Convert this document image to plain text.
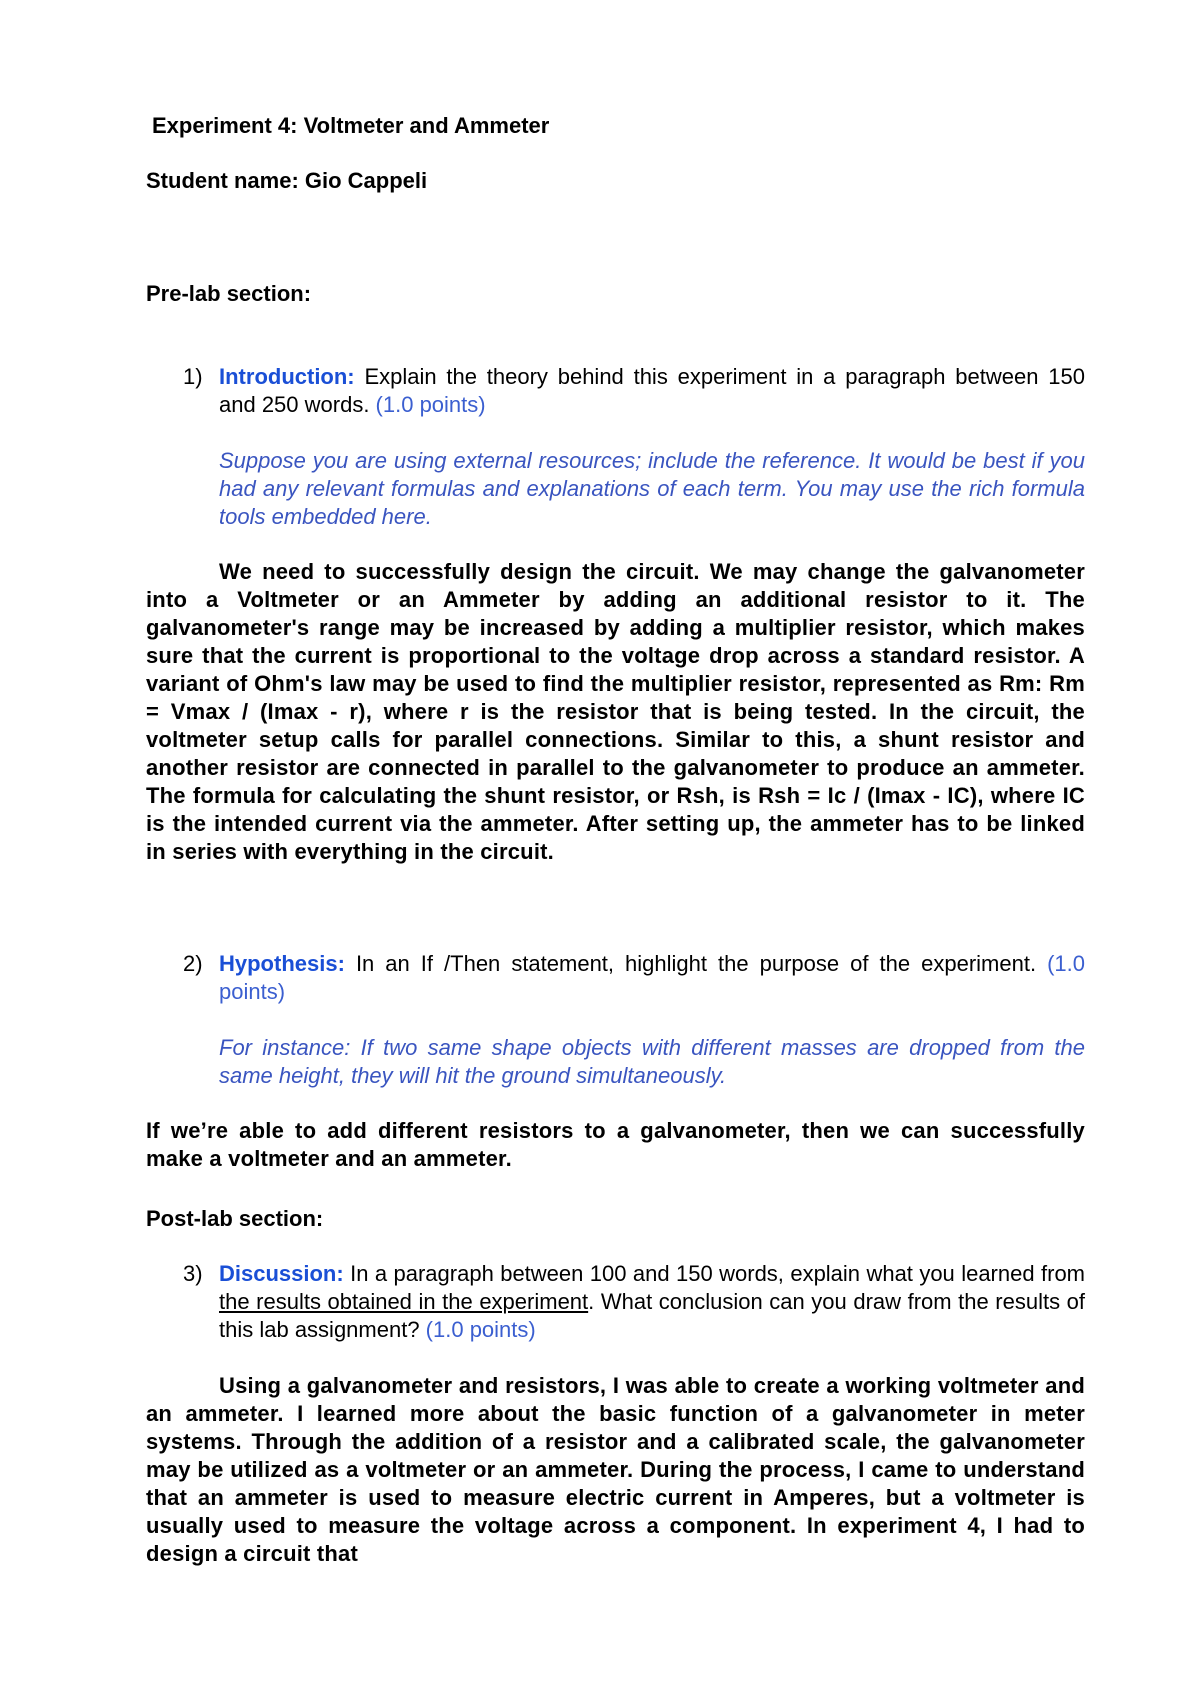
Experiment 4: Voltmeter and Ammeter

Student name: Gio Cappeli

Pre-lab section:

1) Introduction: Explain the theory behind this experiment in a paragraph between 150 and 250 words. (1.0 points)

Suppose you are using external resources; include the reference. It would be best if you had any relevant formulas and explanations of each term. You may use the rich formula tools embedded here.

We need to successfully design the circuit. We may change the galvanometer into a Voltmeter or an Ammeter by adding an additional resistor to it. The galvanometer's range may be increased by adding a multiplier resistor, which makes sure that the current is proportional to the voltage drop across a standard resistor. A variant of Ohm's law may be used to find the multiplier resistor, represented as Rm: Rm = Vmax / (Imax - r), where r is the resistor that is being tested. In the circuit, the voltmeter setup calls for parallel connections. Similar to this, a shunt resistor and another resistor are connected in parallel to the galvanometer to produce an ammeter. The formula for calculating the shunt resistor, or Rsh, is Rsh = Ic / (Imax - IC), where IC is the intended current via the ammeter. After setting up, the ammeter has to be linked in series with everything in the circuit.

2) Hypothesis: In an If /Then statement, highlight the purpose of the experiment. (1.0 points)

For instance: If two same shape objects with different masses are dropped from the same height, they will hit the ground simultaneously.

If we’re able to add different resistors to a galvanometer, then we can successfully make a voltmeter and an ammeter.

Post-lab section:

3) Discussion: In a paragraph between 100 and 150 words, explain what you learned from the results obtained in the experiment. What conclusion can you draw from the results of this lab assignment? (1.0 points)

Using a galvanometer and resistors, I was able to create a working voltmeter and an ammeter. I learned more about the basic function of a galvanometer in meter systems. Through the addition of a resistor and a calibrated scale, the galvanometer may be utilized as a voltmeter or an ammeter. During the process, I came to understand that an ammeter is used to measure electric current in Amperes, but a voltmeter is usually used to measure the voltage across a component. In experiment 4, I had to design a circuit that
